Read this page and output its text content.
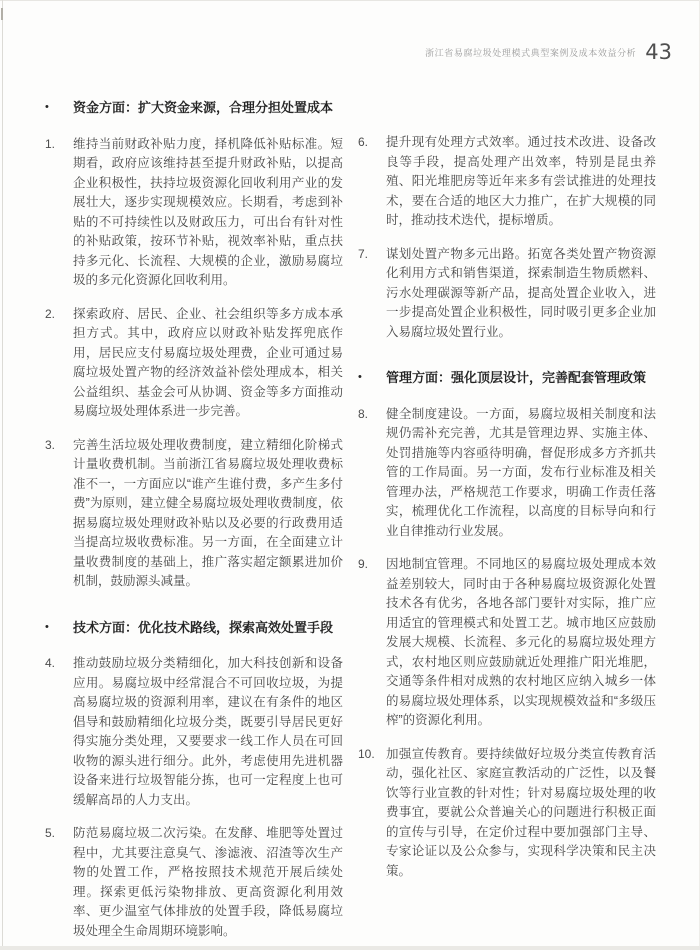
浙江省易腐垃圾处理模式典型案例及成本效益分析 43
•	资金方面：扩大资金来源，合理分担处置成本
1.	维持当前财政补贴力度，择机降低补贴标准。短期看，政府应该维持甚至提升财政补贴，以提高企业积极性，扶持垃圾资源化回收利用产业的发展壮大，逐步实现规模效应。长期看，考虑到补贴的不可持续性以及财政压力，可出台有针对性的补贴政策，按环节补贴，视效率补贴，重点扶持多元化、长流程、大规模的企业，激励易腐垃圾的多元化资源化回收利用。
2.	探索政府、居民、企业、社会组织等多方成本承担方式。其中，政府应以财政补贴发挥兜底作用，居民应支付易腐垃圾处理费，企业可通过易腐垃圾处置产物的经济效益补偿处理成本，相关公益组织、基金会可从协调、资金等多方面推动易腐垃圾处理体系进一步完善。
3.	完善生活垃圾处理收费制度，建立精细化阶梯式计量收费机制。当前浙江省易腐垃圾处理收费标准不一，一方面应以“谁产生谁付费，多产生多付费”为原则，建立健全易腐垃圾处理收费制度，依据易腐垃圾处理财政补贴以及必要的行政费用适当提高垃圾收费标准。另一方面，在全面建立计量收费制度的基础上，推广落实超定额累进加价机制，鼓励源头减量。
•	技术方面：优化技术路线，探索高效处置手段
4.	推动鼓励垃圾分类精细化，加大科技创新和设备应用。易腐垃圾中经常混合不可回收垃圾，为提高易腐垃圾的资源利用率，建议在有条件的地区倡导和鼓励精细化垃圾分类，既要引导居民更好得实施分类处理，又要要求一线工作人员在可回收物的源头进行细分。此外，考虑使用先进机器设备来进行垃圾智能分拣，也可一定程度上也可缓解高昂的人力支出。
5.	防范易腐垃圾二次污染。在发酵、堆肥等处置过程中，尤其要注意臭气、渗滤液、沼渣等次生产物的处置工作，严格按照技术规范开展后续处理。探索更低污染物排放、更高资源化利用效率、更少温室气体排放的处置手段，降低易腐垃圾处理全生命周期环境影响。
6.	提升现有处理方式效率。通过技术改进、设备改良等手段，提高处理产出效率，特别是昆虫养殖、阳光堆肥房等近年来多有尝试推进的处理技术，要在合适的地区大力推广，在扩大规模的同时，推动技术迭代，提标增质。
7.	谋划处置产物多元出路。拓宽各类处置产物资源化利用方式和销售渠道，探索制造生物质燃料、污水处理碳源等新产品，提高处置企业收入，进一步提高处置企业积极性，同时吸引更多企业加入易腐垃圾处置行业。
•	管理方面：强化顶层设计，完善配套管理政策
8.	健全制度建设。一方面，易腐垃圾相关制度和法规仍需补充完善，尤其是管理边界、实施主体、处罚措施等内容亟待明确，督促形成多方齐抓共管的工作局面。另一方面，发布行业标准及相关管理办法，严格规范工作要求，明确工作责任落实，梳理优化工作流程，以高度的目标导向和行业自律推动行业发展。
9.	因地制宜管理。不同地区的易腐垃圾处理成本效益差别较大，同时由于各种易腐垃圾资源化处置技术各有优劣，各地各部门要针对实际，推广应用适宜的管理模式和处置工艺。城市地区应鼓励发展大规模、长流程、多元化的易腐垃圾处理方式，农村地区则应鼓励就近处理推广阳光堆肥，交通等条件相对成熟的农村地区应纳入城乡一体的易腐垃圾处理体系，以实现规模效益和“多级压榨”的资源化利用。
10. 加强宣传教育。要持续做好垃圾分类宣传教育活动，强化社区、家庭宣教活动的广泛性，以及餐饮等行业宣教的针对性；针对易腐垃圾处理的收费事宜，要就公众普遍关心的问题进行积极正面的宣传与引导，在定价过程中要加强部门主导、专家论证以及公众参与，实现科学决策和民主决策。
